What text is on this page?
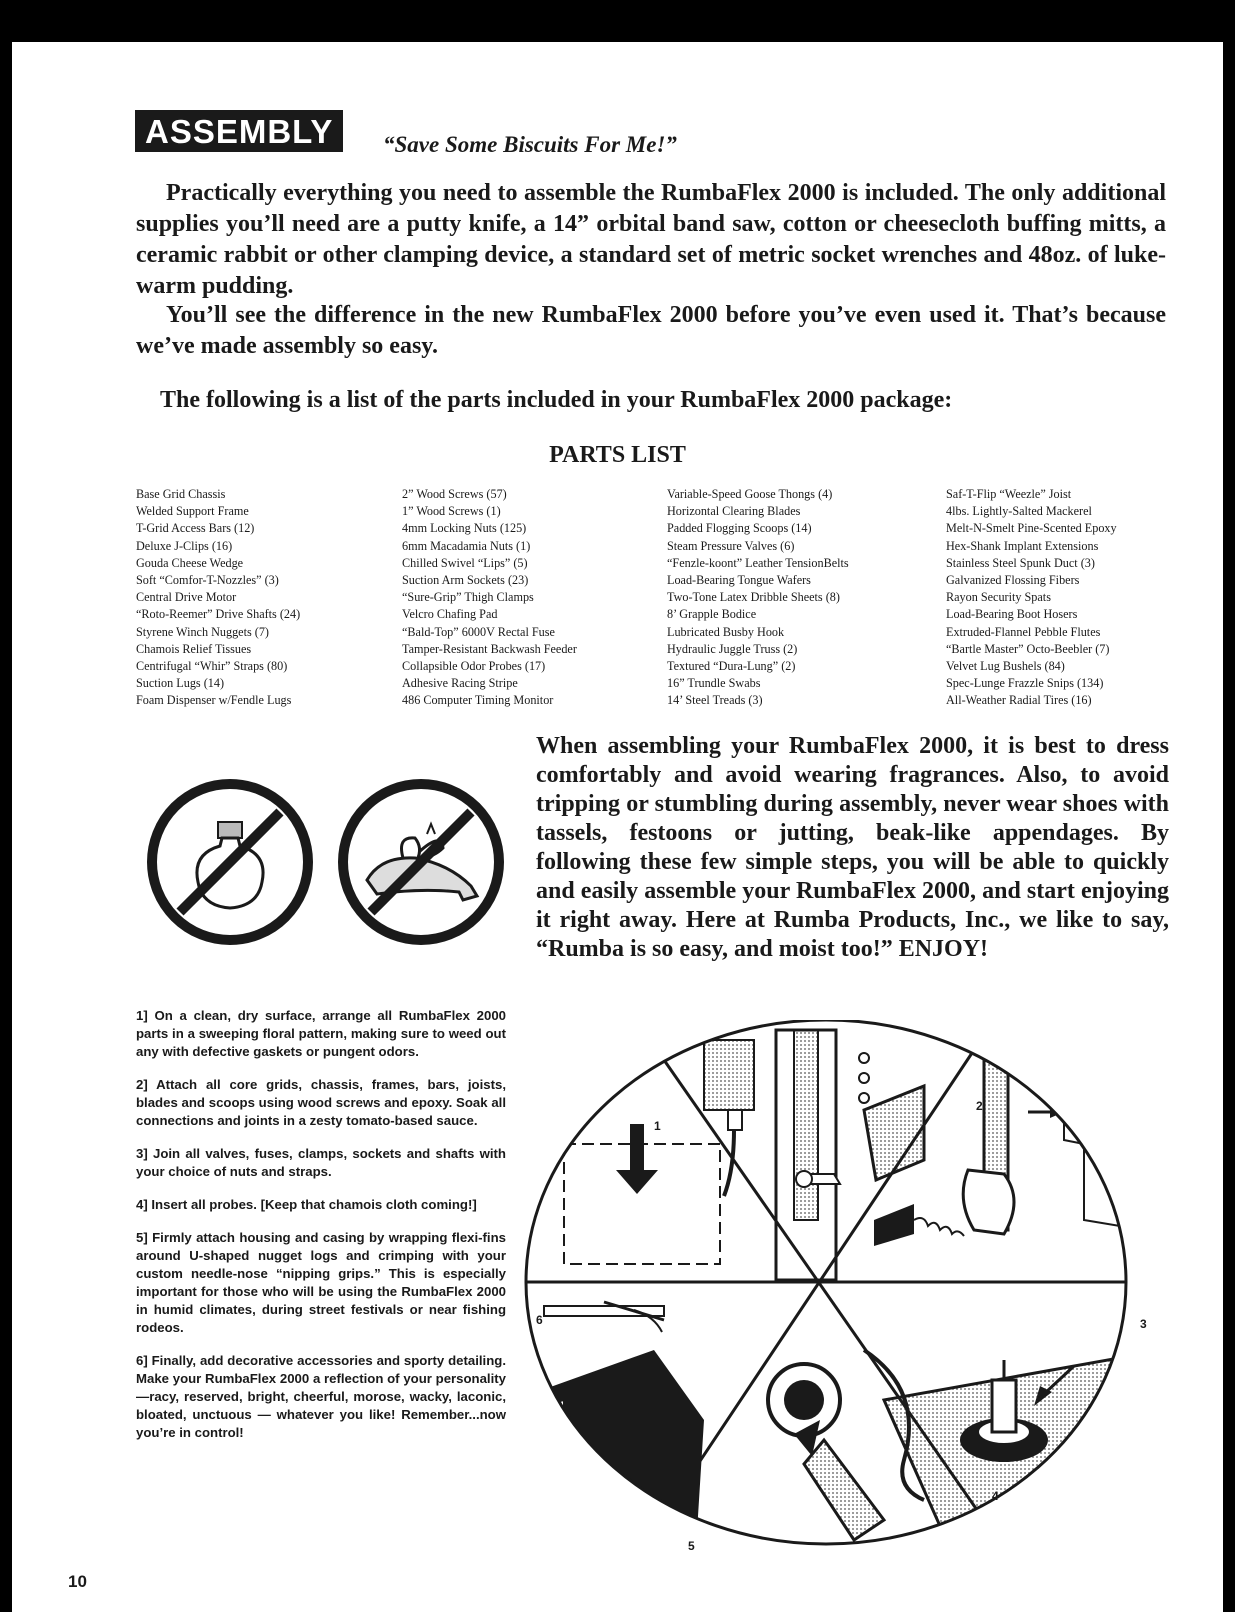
ASSEMBLY	“Save Some Biscuits For Me!”

Practically everything you need to assemble the RumbaFlex 2000 is included. The only additional supplies you’ll need are a putty knife, a 14” orbital band saw, cotton or cheesecloth buffing mitts, a ceramic rabbit or other clamping device, a standard set of metric socket wrenches and 48oz. of luke-warm pudding.

You’ll see the difference in the new RumbaFlex 2000 before you’ve even used it. That’s because we’ve made assembly so easy.

The following is a list of the parts included in your RumbaFlex 2000 package:
PARTS LIST
Base Grid Chassis
Welded Support Frame
T-Grid Access Bars (12)
Deluxe J-Clips (16)
Gouda Cheese Wedge
Soft “Comfor-T-Nozzles” (3)
Central Drive Motor
“Roto-Reemer” Drive Shafts (24)
Styrene Winch Nuggets (7)
Chamois Relief Tissues
Centrifugal “Whir” Straps (80)
Suction Lugs (14)
Foam Dispenser w/Fendle Lugs
2” Wood Screws (57)
1” Wood Screws (1)
4mm Locking Nuts (125)
6mm Macadamia Nuts (1)
Chilled Swivel “Lips” (5)
Suction Arm Sockets (23)
“Sure-Grip” Thigh Clamps
Velcro Chafing Pad
“Bald-Top” 6000V Rectal Fuse
Tamper-Resistant Backwash Feeder
Collapsible Odor Probes (17)
Adhesive Racing Stripe
486 Computer Timing Monitor
Variable-Speed Goose Thongs (4)
Horizontal Clearing Blades
Padded Flogging Scoops (14)
Steam Pressure Valves (6)
“Fenzle-koont” Leather TensionBelts
Load-Bearing Tongue Wafers
Two-Tone Latex Dribble Sheets (8)
8’ Grapple Bodice
Lubricated Busby Hook
Hydraulic Juggle Truss (2)
Textured “Dura-Lung” (2)
16” Trundle Swabs
14’ Steel Treads (3)
Saf-T-Flip “Weezle” Joist
4lbs. Lightly-Salted Mackerel
Melt-N-Smelt Pine-Scented Epoxy
Hex-Shank Implant Extensions
Stainless Steel Spunk Duct (3)
Galvanized Flossing Fibers
Rayon Security Spats
Load-Bearing Boot Hosers
Extruded-Flannel Pebble Flutes
“Bartle Master” Octo-Beebler (7)
Velvet Lug Bushels (84)
Spec-Lunge Frazzle Snips (134)
All-Weather Radial Tires (16)

When assembling your RumbaFlex 2000, it is best to dress comfortably and avoid wearing fragrances. Also, to avoid tripping or stumbling during assembly, never wear shoes with tassels, festoons or jutting, beak-like appendages. By following these few simple steps, you will be able to quickly and easily assemble your RumbaFlex 2000, and start enjoying it right away. Here at Rumba Products, Inc., we like to say, “Rumba is so easy, and moist too!” ENJOY!

1] On a clean, dry surface, arrange all RumbaFlex 2000 parts in a sweeping floral pattern, making sure to weed out any with defective gaskets or pungent odors.

2] Attach all core grids, chassis, frames, bars, joists, blades and scoops using wood screws and epoxy. Soak all connections and joints in a zesty tomato-based sauce.

3] Join all valves, fuses, clamps, sockets and shafts with your choice of nuts and straps.

4] Insert all probes. [Keep that chamois cloth coming!]

5] Firmly attach housing and casing by wrapping flexi-fins around U-shaped nugget logs and crimping with your custom needle-nose “nipping grips.” This is especially important for those who will be using the RumbaFlex 2000 in humid climates, during street festivals or near fishing rodeos.

6] Finally, add decorative accessories and sporty detailing. Make your RumbaFlex 2000 a reflection of your personality—racy, reserved, bright, cheerful, morose, wacky, laconic, bloated, unctuous — whatever you like! Remember...now you’re in control!

1
2
3
4
5
6
10
